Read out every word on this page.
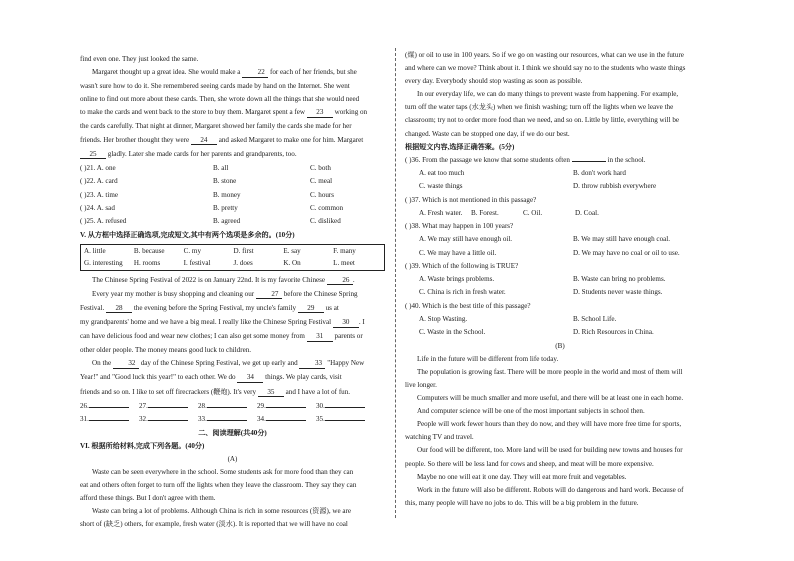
find even one. They just looked the same.

Margaret thought up a great idea. She would make a 22 for each of her friends, but she

wasn't sure how to do it. She remembered seeing cards made by hand on the Internet. She went

online to find out more about these cards. Then, she wrote down all the things that she would need

to make the cards and went back to the store to buy them. Margaret spent a few 23 working on

the cards carefully. That night at dinner, Margaret showed her family the cards she made for her

friends. Her brother thought they were 24 and asked Margaret to make one for him. Margaret

25 gladly. Later she made cards for her parents and grandparents, too.

( )21. A. one	B. all	C. both
( )22. A. card	B. stone	C. meal
( )23. A. time	B. money	C. hours
( )24. A. sad	B. pretty	C. common
( )25. A. refused	B. agreed	C. disliked

V. 从方框中选择正确选项,完成短文,其中有两个选项是多余的。(10分)

A. little	B. because	C. my	D. first	E. say	F. many
G. interesting	H. rooms	I. festival	J. does	K. On	L. meet

The Chinese Spring Festival of 2022 is on January 22nd. It is my favorite Chinese 26 .

Every year my mother is busy shopping and cleaning our 27 before the Chinese Spring

Festival. 28 the evening before the Spring Festival, my uncle's family 29 us at

my grandparents' home and we have a big meal. I really like the Chinese Spring Festival 30 . I

can have delicious food and wear new clothes; I can also get some money from 31 parents or

other older people. The money means good luck to children.

On the 32 day of the Chinese Spring Festival, we get up early and 33 "Happy New

Year!" and "Good luck this year!" to each other. We do 34 things. We play cards, visit

friends and so on. I like to set off firecrackers (鞭炮). It's very 35 and I have a lot of fun.

26.	27.	28.	29.	30.
31.	32.	33.	34.	35.

二、阅读理解(共40分)

VI. 根据所给材料,完成下列各题。(40分)

(A)

Waste can be seen everywhere in the school. Some students ask for more food than they can

eat and others often forget to turn off the lights when they leave the classroom. They say they can

afford these things. But I don't agree with them.

Waste can bring a lot of problems. Although China is rich in some resources (资源), we are

short of (缺乏) others, for example, fresh water (淡水). It is reported that we will have no coal

(煤) or oil to use in 100 years. So if we go on wasting our resources, what can we use in the future

and where can we move? Think about it. I think we should say no to the students who waste things

every day. Everybody should stop wasting as soon as possible.

In our everyday life, we can do many things to prevent waste from happening. For example,

turn off the water taps (水龙头) when we finish washing; turn off the lights when we leave the

classroom; try not to order more food than we need, and so on. Little by little, everything will be

changed. Waste can be stopped one day, if we do our best.

根据短文内容,选择正确答案。(5分)

( )36. From the passage we know that some students often	in the school.

A. eat too much	B. don't work hard
C. waste things	D. throw rubbish everywhere

( )37. Which is not mentioned in this passage?

A. Fresh water.	B. Forest.	C. Oil.	D. Coal.

( )38. What may happen in 100 years?

A. We may still have enough oil.	B. We may still have enough coal.
C. We may have a little oil.	D. We may have no coal or oil to use.

( )39. Which of the following is TRUE?

A. Waste brings problems.	B. Waste can bring no problems.
C. China is rich in fresh water.	D. Students never waste things.

( )40. Which is the best title of this passage?

A. Stop Wasting.	B. School Life.
C. Waste in the School.	D. Rich Resources in China.

(B)

Life in the future will be different from life today.

The population is growing fast. There will be more people in the world and most of them will

live longer.

Computers will be much smaller and more useful, and there will be at least one in each home.

And computer science will be one of the most important subjects in school then.

People will work fewer hours than they do now, and they will have more free time for sports,

watching TV and travel.

Our food will be different, too. More land will be used for building new towns and houses for

people. So there will be less land for cows and sheep, and meat will be more expensive.

Maybe no one will eat it one day. They will eat more fruit and vegetables.

Work in the future will also be different. Robots will do dangerous and hard work. Because of

this, many people will have no jobs to do. This will be a big problem in the future.
